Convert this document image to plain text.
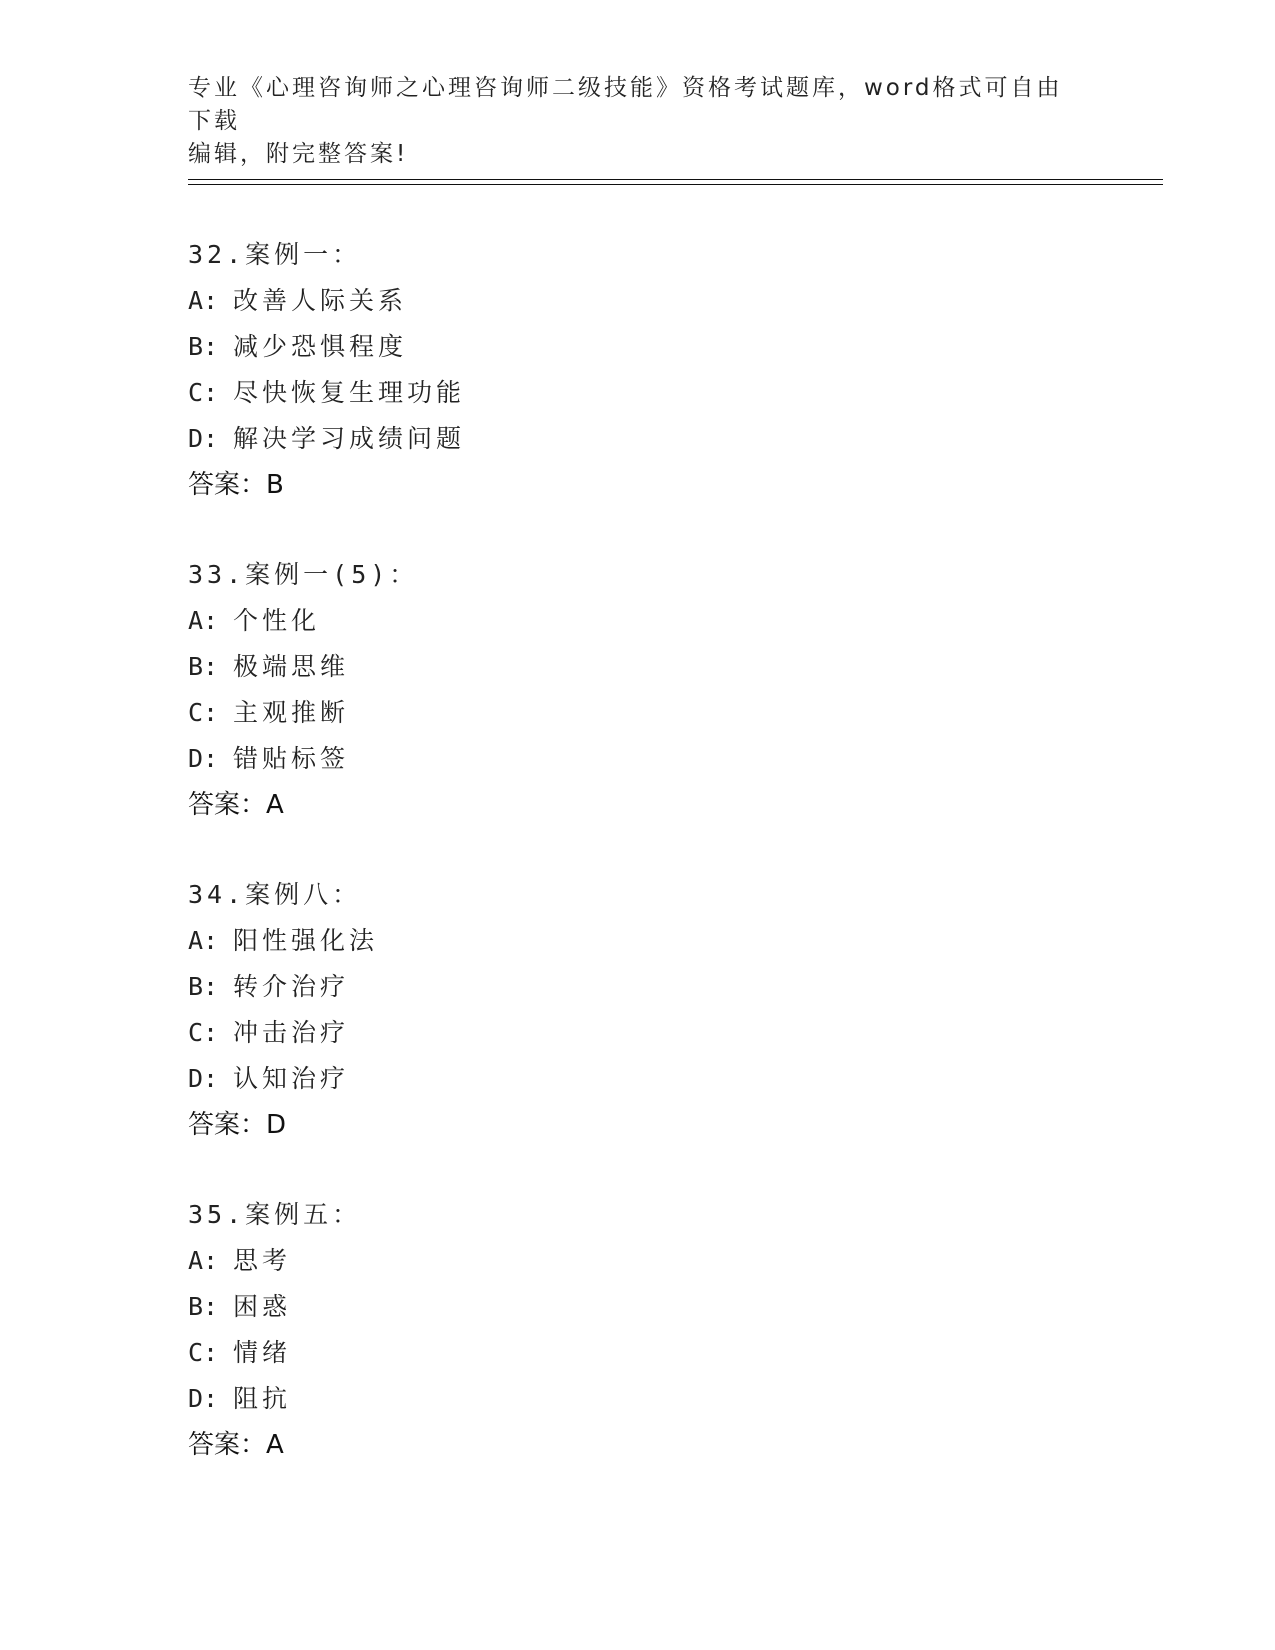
专业《心理咨询师之心理咨询师二级技能》资格考试题库，word格式可自由下载
编辑，附完整答案!
32.案例一：
A: 改善人际关系
B: 减少恐惧程度
C: 尽快恢复生理功能
D: 解决学习成绩问题
答案：B
33.案例一(5)：
A: 个性化
B: 极端思维
C: 主观推断
D: 错贴标签
答案：A
34.案例八：
A: 阳性强化法
B: 转介治疗
C: 冲击治疗
D: 认知治疗
答案：D
35.案例五：
A: 思考
B: 困惑
C: 情绪
D: 阻抗
答案：A
